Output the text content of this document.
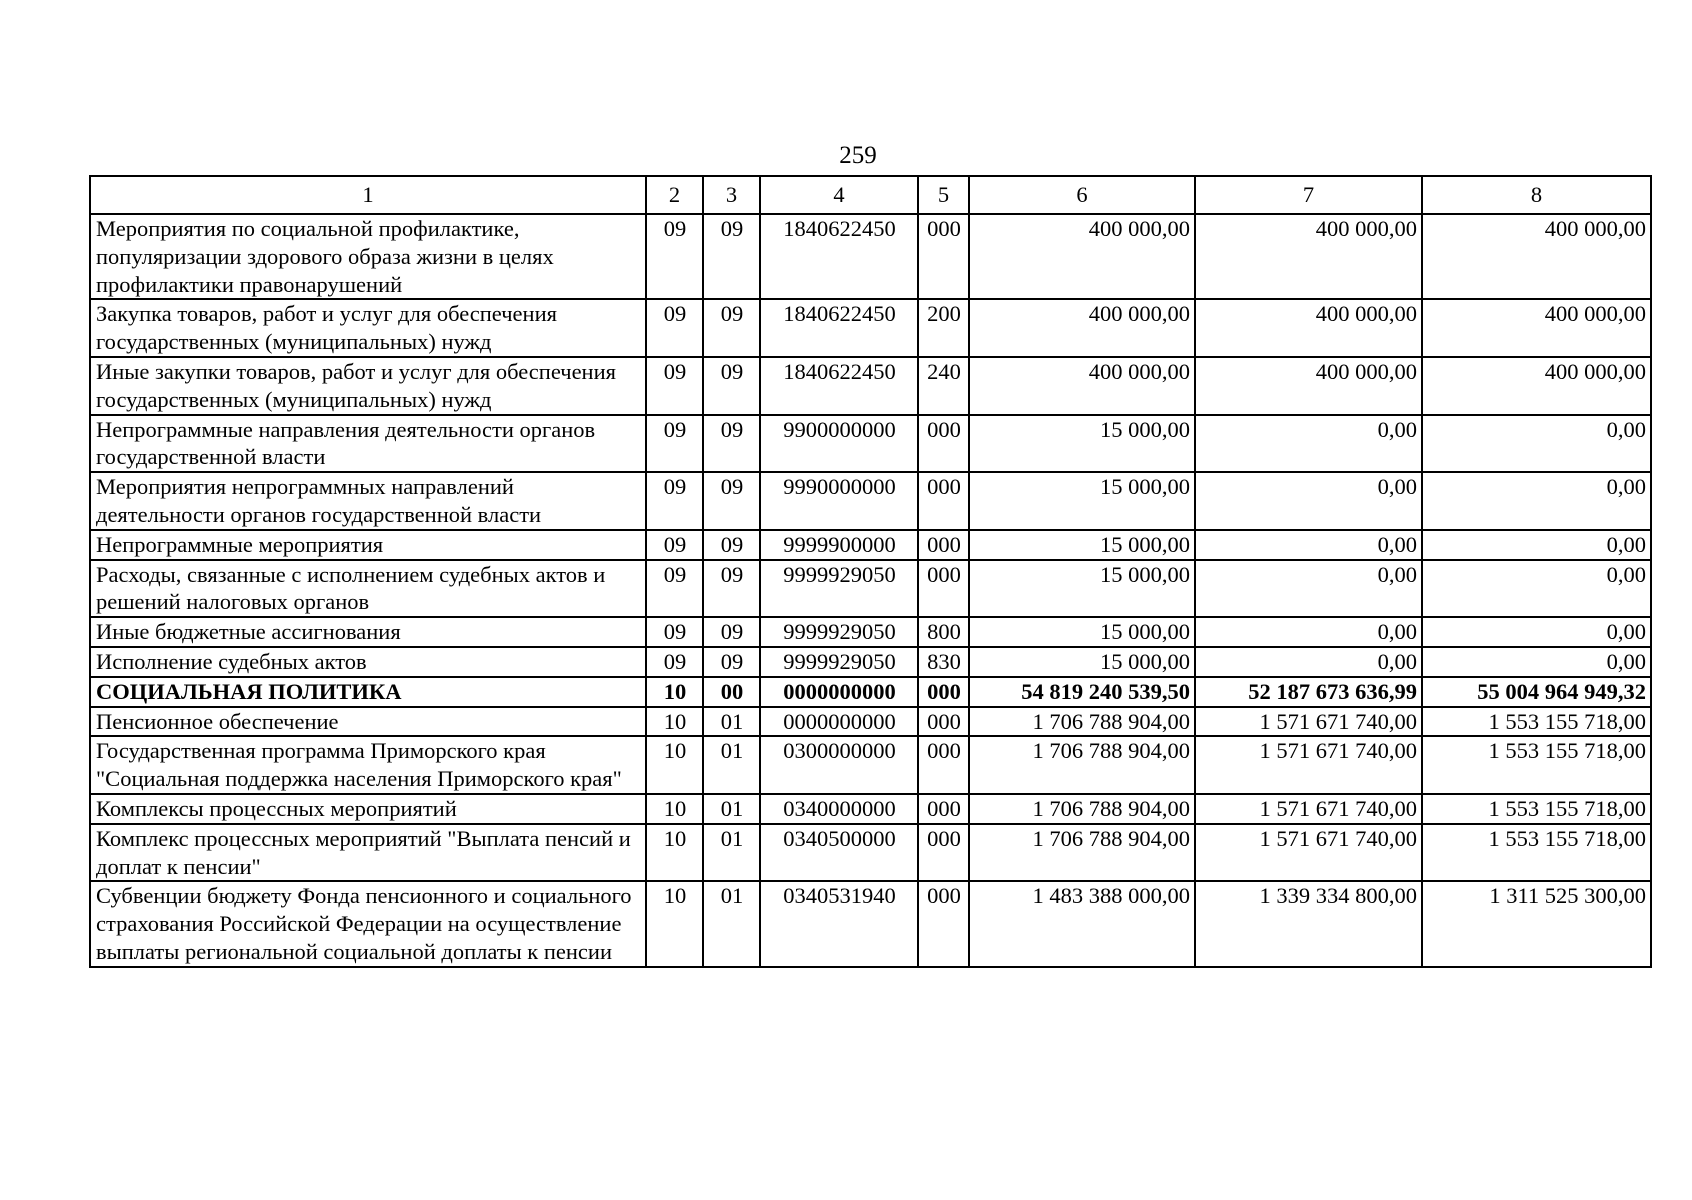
259
1	2	3	4	5	6	7	8
Мероприятия по социальной профилактике, популяризации здорового образа жизни в целях профилактики правонарушений	09	09	1840622450	000	400 000,00	400 000,00	400 000,00
Закупка товаров, работ и услуг для обеспечения государственных (муниципальных) нужд	09	09	1840622450	200	400 000,00	400 000,00	400 000,00
Иные закупки товаров, работ и услуг для обеспечения государственных (муниципальных) нужд	09	09	1840622450	240	400 000,00	400 000,00	400 000,00
Непрограммные направления деятельности органов государственной власти	09	09	9900000000	000	15 000,00	0,00	0,00
Мероприятия непрограммных направлений деятельности органов государственной власти	09	09	9990000000	000	15 000,00	0,00	0,00
Непрограммные мероприятия	09	09	9999900000	000	15 000,00	0,00	0,00
Расходы, связанные с исполнением судебных актов и решений налоговых органов	09	09	9999929050	000	15 000,00	0,00	0,00
Иные бюджетные ассигнования	09	09	9999929050	800	15 000,00	0,00	0,00
Исполнение судебных актов	09	09	9999929050	830	15 000,00	0,00	0,00
СОЦИАЛЬНАЯ ПОЛИТИКА	10	00	0000000000	000	54 819 240 539,50	52 187 673 636,99	55 004 964 949,32
Пенсионное обеспечение	10	01	0000000000	000	1 706 788 904,00	1 571 671 740,00	1 553 155 718,00
Государственная программа Приморского края "Социальная поддержка населения Приморского края"	10	01	0300000000	000	1 706 788 904,00	1 571 671 740,00	1 553 155 718,00
Комплексы процессных мероприятий	10	01	0340000000	000	1 706 788 904,00	1 571 671 740,00	1 553 155 718,00
Комплекс процессных мероприятий "Выплата пенсий и доплат к пенсии"	10	01	0340500000	000	1 706 788 904,00	1 571 671 740,00	1 553 155 718,00
Субвенции бюджету Фонда пенсионного и социального страхования Российской Федерации на осуществление выплаты региональной социальной доплаты к пенсии	10	01	0340531940	000	1 483 388 000,00	1 339 334 800,00	1 311 525 300,00
